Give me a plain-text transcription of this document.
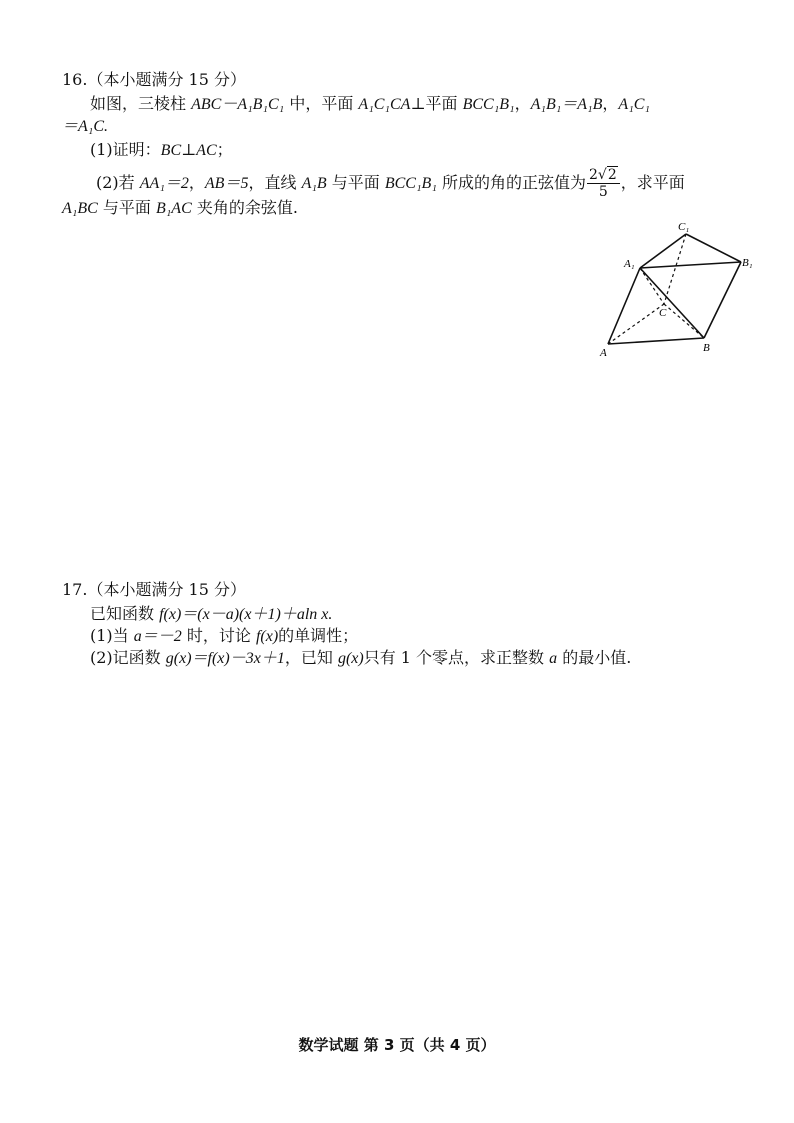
16.（本小题满分 15 分）
如图，三棱柱 ABC－A₁B₁C₁ 中，平面 A₁C₁CA⊥平面 BCC₁B₁，A₁B₁＝A₁B，A₁C₁
＝A₁C.
(1)证明：BC⊥AC；
(2)若 AA₁＝2，AB＝5，直线 A₁B 与平面 BCC₁B₁ 所成的角的正弦值为 $\frac{2√2}{5}$ ，求平面
A₁BC 与平面 B₁AC 夹角的余弦值.
C₁
A₁	B₁
C
A	B
17.（本小题满分 15 分）
已知函数 f(x)＝(x－a)(x＋1)＋aln x.
(1)当 a＝－2 时，讨论 f(x)的单调性；
(2)记函数 g(x)＝f(x)－3x＋1，已知 g(x)只有 1 个零点，求正整数 a 的最小值.
数学试题 第 3 页（共 4 页）
